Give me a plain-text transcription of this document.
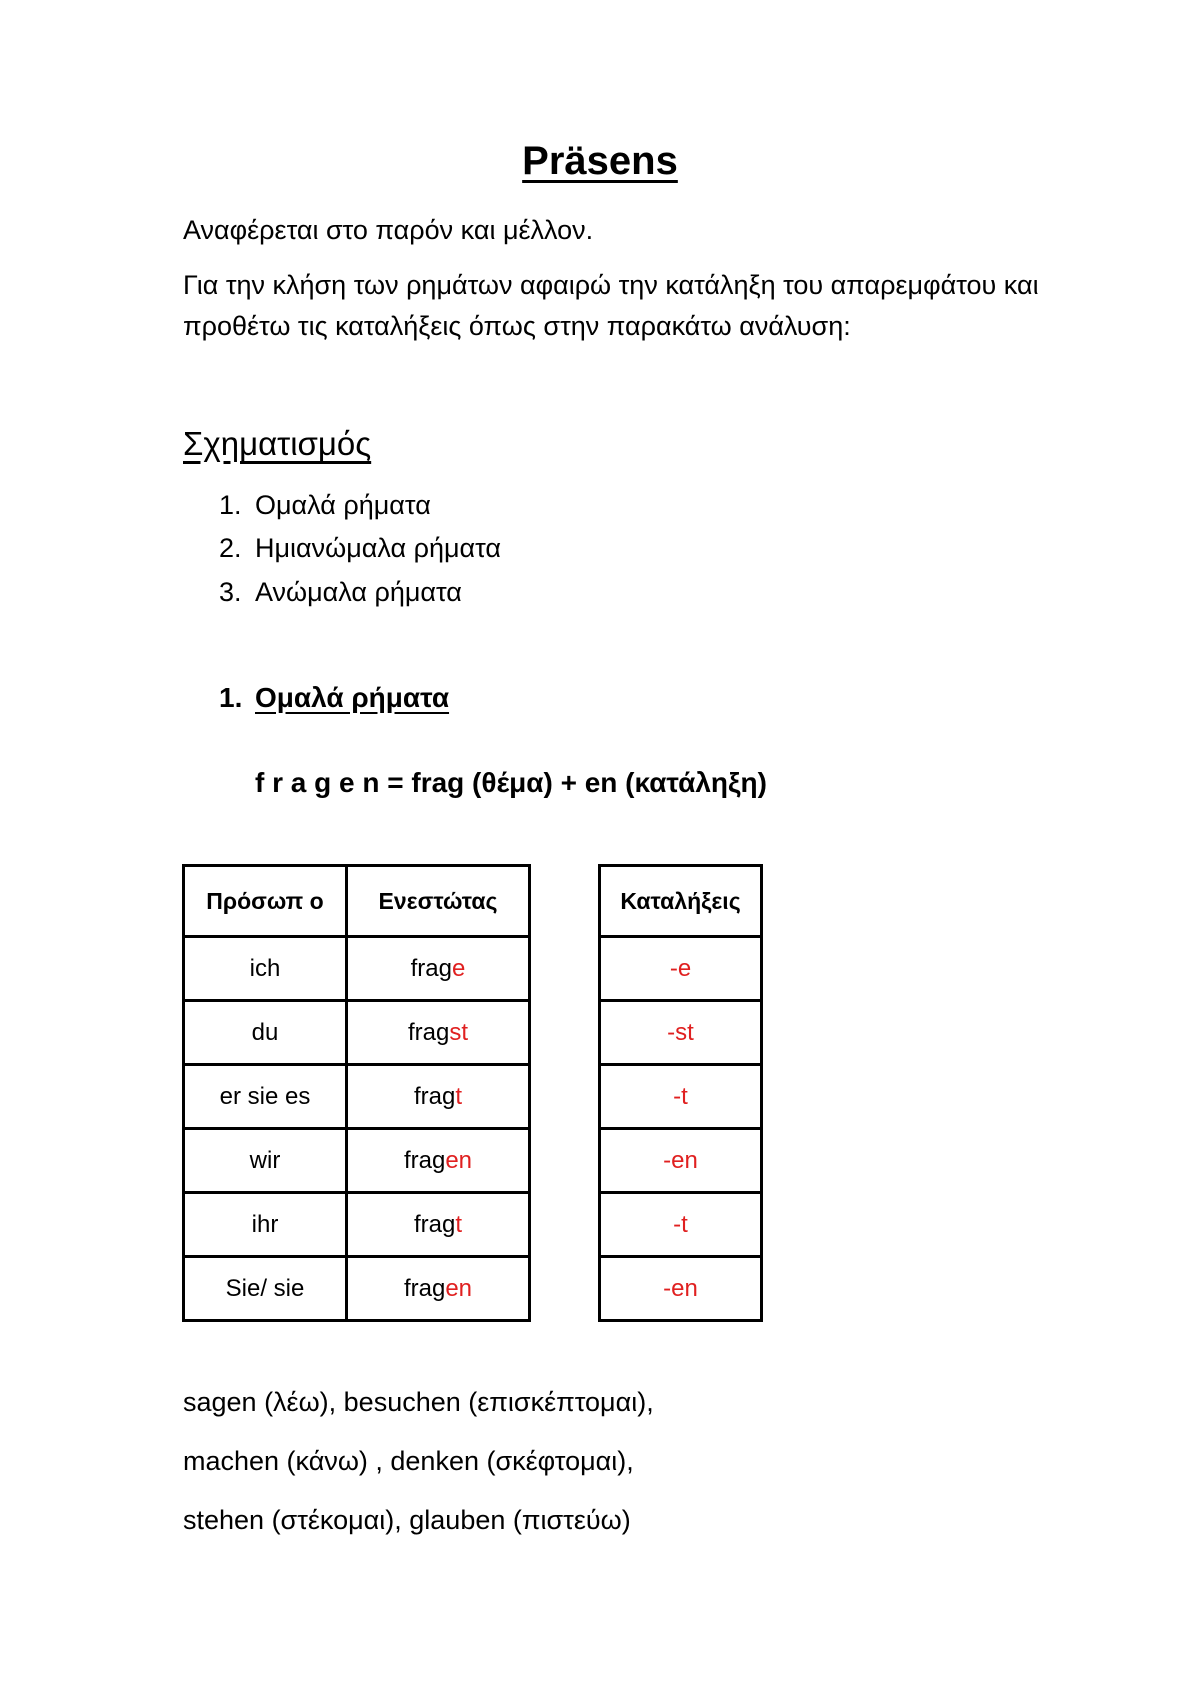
Präsens
Αναφέρεται στο παρόν και μέλλον.
Για την κλήση των ρημάτων αφαιρώ την κατάληξη του απαρεμφάτου και
προθέτω τις καταλήξεις όπως στην παρακάτω ανάλυση:
Σχηματισμός
1. Ομαλά ρήματα
2. Ημιανώμαλα ρήματα
3. Ανώμαλα ρήματα
1. Ομαλά ρήματα
f r a g e n = frag (θέμα) + en (κατάληξη)
Πρόσωπ ο	Ενεστώτας
ich	frage
du	fragst
er sie es	fragt
wir	fragen
ihr	fragt
Sie/ sie	fragen
Καταλήξεις
-e
-st
-t
-en
-t
-en
sagen (λέω), besuchen (επισκέπτομαι),
machen (κάνω) , denken (σκέφτομαι),
stehen (στέκομαι), glauben (πιστεύω)
